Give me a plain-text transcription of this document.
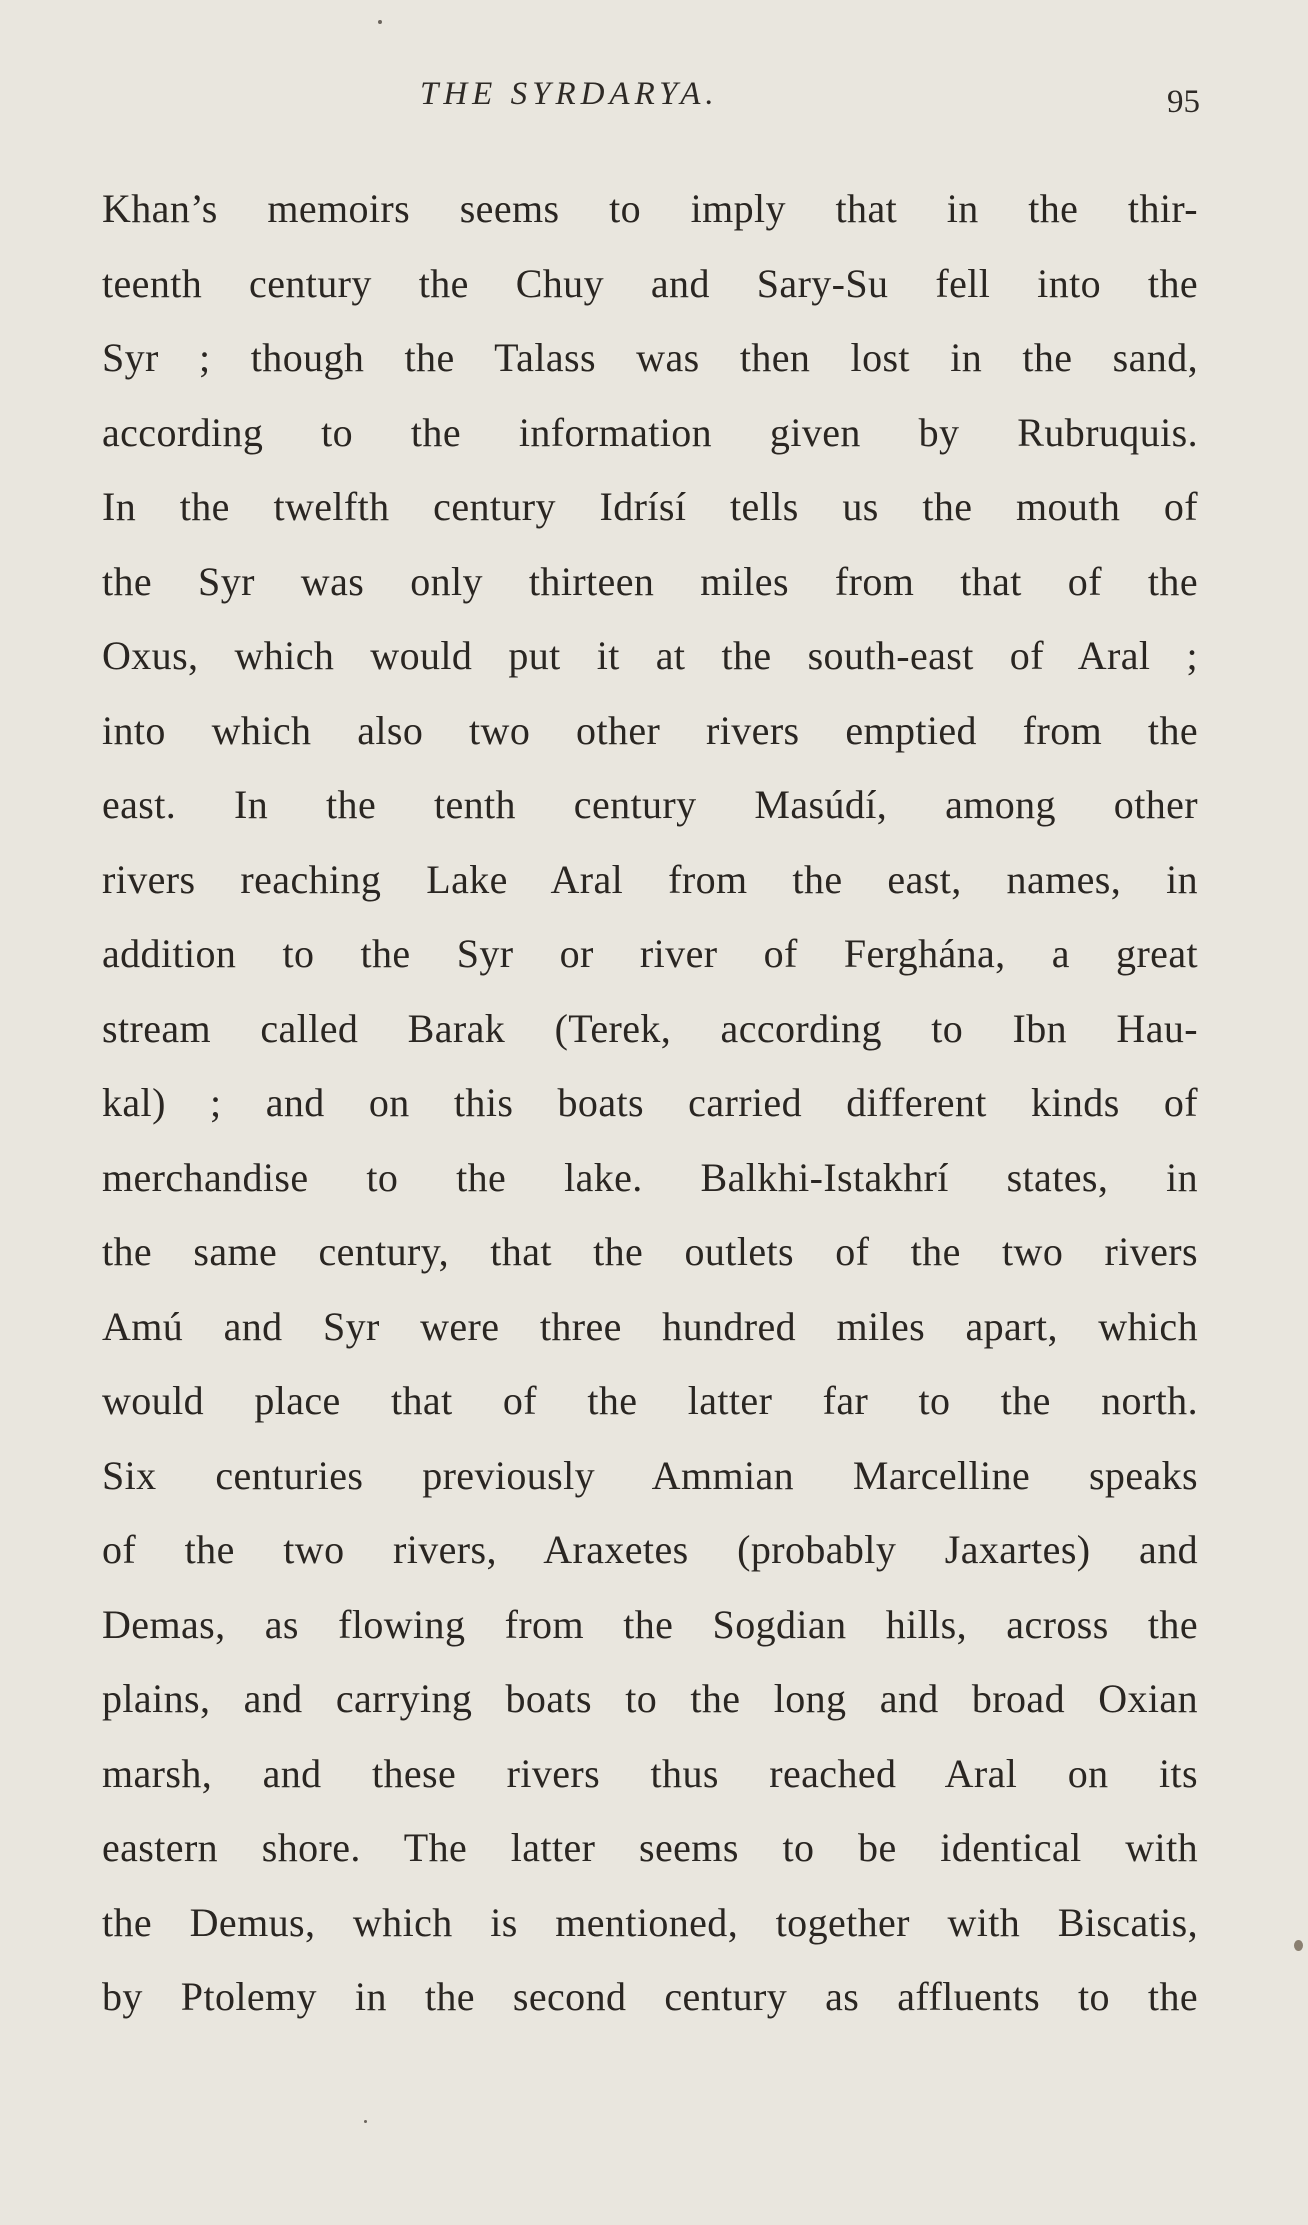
THE SYRDARYA.	95
Khan’s memoirs seems to imply that in the thir-
teenth century the Chuy and Sary-Su fell into the
Syr ; though the Talass was then lost in the sand,
according to the information given by Rubruquis.
In the twelfth century Idrísí tells us the mouth of
the Syr was only thirteen miles from that of the
Oxus, which would put it at the south-east of Aral ;
into which also two other rivers emptied from the
east. In the tenth century Masúdí, among other
rivers reaching Lake Aral from the east, names, in
addition to the Syr or river of Ferghána, a great
stream called Barak (Terek, according to Ibn Hau-
kal) ; and on this boats carried different kinds of
merchandise to the lake. Balkhi-Istakhrí states, in
the same century, that the outlets of the two rivers
Amú and Syr were three hundred miles apart, which
would place that of the latter far to the north.
Six centuries previously Ammian Marcelline speaks
of the two rivers, Araxetes (probably Jaxartes) and
Demas, as flowing from the Sogdian hills, across the
plains, and carrying boats to the long and broad Oxian
marsh, and these rivers thus reached Aral on its
eastern shore. The latter seems to be identical with
the Demus, which is mentioned, together with Biscatis,
by Ptolemy in the second century as affluents to the
